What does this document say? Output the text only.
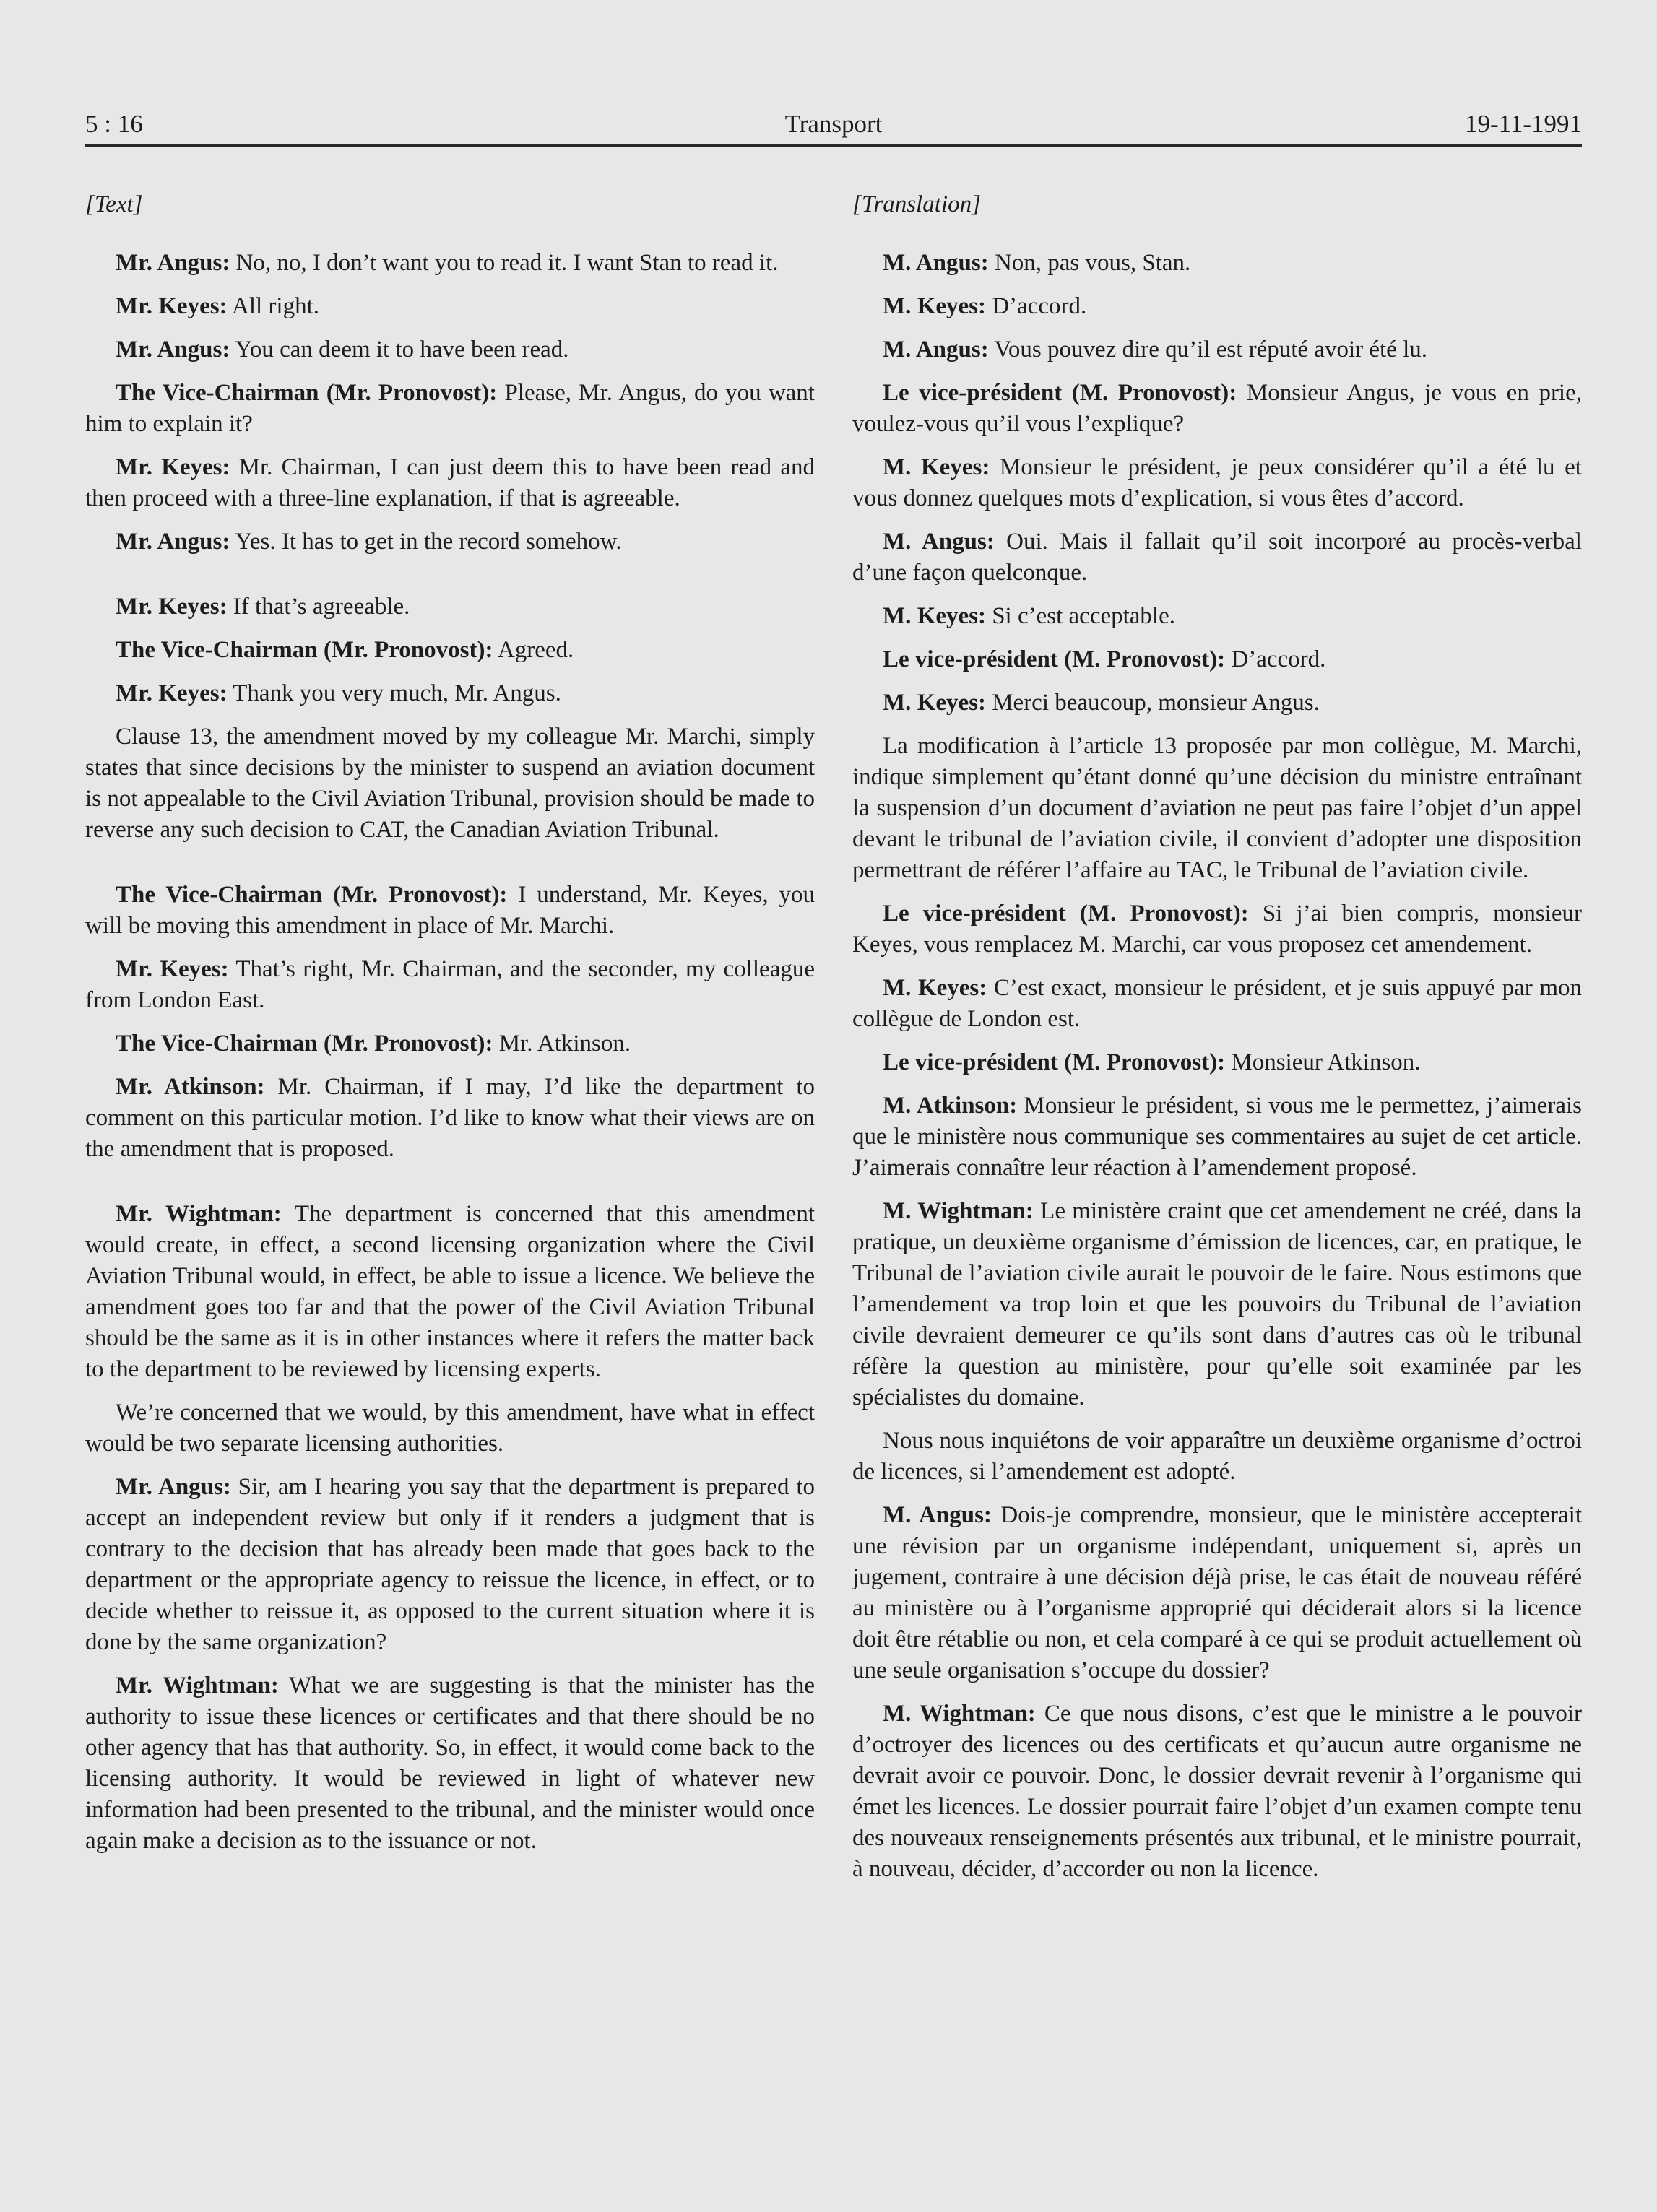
5 : 16	Transport	19-11-1991
[Text]

Mr. Angus: No, no, I don’t want you to read it. I want Stan to read it.

Mr. Keyes: All right.

Mr. Angus: You can deem it to have been read.

The Vice-Chairman (Mr. Pronovost): Please, Mr. Angus, do you want him to explain it?

Mr. Keyes: Mr. Chairman, I can just deem this to have been read and then proceed with a three-line explanation, if that is agreeable.

Mr. Angus: Yes. It has to get in the record somehow.

Mr. Keyes: If that’s agreeable.

The Vice-Chairman (Mr. Pronovost): Agreed.

Mr. Keyes: Thank you very much, Mr. Angus.

Clause 13, the amendment moved by my colleague Mr. Marchi, simply states that since decisions by the minister to suspend an aviation document is not appealable to the Civil Aviation Tribunal, provision should be made to reverse any such decision to CAT, the Canadian Aviation Tribunal.

The Vice-Chairman (Mr. Pronovost): I understand, Mr. Keyes, you will be moving this amendment in place of Mr. Marchi.

Mr. Keyes: That’s right, Mr. Chairman, and the seconder, my colleague from London East.

The Vice-Chairman (Mr. Pronovost): Mr. Atkinson.

Mr. Atkinson: Mr. Chairman, if I may, I’d like the department to comment on this particular motion. I’d like to know what their views are on the amendment that is proposed.

Mr. Wightman: The department is concerned that this amendment would create, in effect, a second licensing organization where the Civil Aviation Tribunal would, in effect, be able to issue a licence. We believe the amendment goes too far and that the power of the Civil Aviation Tribunal should be the same as it is in other instances where it refers the matter back to the department to be reviewed by licensing experts.

We’re concerned that we would, by this amendment, have what in effect would be two separate licensing authorities.

Mr. Angus: Sir, am I hearing you say that the department is prepared to accept an independent review but only if it renders a judgment that is contrary to the decision that has already been made that goes back to the department or the appropriate agency to reissue the licence, in effect, or to decide whether to reissue it, as opposed to the current situation where it is done by the same organization?

Mr. Wightman: What we are suggesting is that the minister has the authority to issue these licences or certificates and that there should be no other agency that has that authority. So, in effect, it would come back to the licensing authority. It would be reviewed in light of whatever new information had been presented to the tribunal, and the minister would once again make a decision as to the issuance or not.

[Translation]

M. Angus: Non, pas vous, Stan.

M. Keyes: D’accord.

M. Angus: Vous pouvez dire qu’il est réputé avoir été lu.

Le vice-président (M. Pronovost): Monsieur Angus, je vous en prie, voulez-vous qu’il vous l’explique?

M. Keyes: Monsieur le président, je peux considérer qu’il a été lu et vous donnez quelques mots d’explication, si vous êtes d’accord.

M. Angus: Oui. Mais il fallait qu’il soit incorporé au procès-verbal d’une façon quelconque.

M. Keyes: Si c’est acceptable.

Le vice-président (M. Pronovost): D’accord.

M. Keyes: Merci beaucoup, monsieur Angus.

La modification à l’article 13 proposée par mon collègue, M. Marchi, indique simplement qu’étant donné qu’une décision du ministre entraînant la suspension d’un document d’aviation ne peut pas faire l’objet d’un appel devant le tribunal de l’aviation civile, il convient d’adopter une disposition permettrant de référer l’affaire au TAC, le Tribunal de l’aviation civile.

Le vice-président (M. Pronovost): Si j’ai bien compris, monsieur Keyes, vous remplacez M. Marchi, car vous proposez cet amendement.

M. Keyes: C’est exact, monsieur le président, et je suis appuyé par mon collègue de London est.

Le vice-président (M. Pronovost): Monsieur Atkinson.

M. Atkinson: Monsieur le président, si vous me le permettez, j’aimerais que le ministère nous communique ses commentaires au sujet de cet article. J’aimerais connaître leur réaction à l’amendement proposé.

M. Wightman: Le ministère craint que cet amendement ne créé, dans la pratique, un deuxième organisme d’émission de licences, car, en pratique, le Tribunal de l’aviation civile aurait le pouvoir de le faire. Nous estimons que l’amendement va trop loin et que les pouvoirs du Tribunal de l’aviation civile devraient demeurer ce qu’ils sont dans d’autres cas où le tribunal réfère la question au ministère, pour qu’elle soit examinée par les spécialistes du domaine.

Nous nous inquiétons de voir apparaître un deuxième organisme d’octroi de licences, si l’amendement est adopté.

M. Angus: Dois-je comprendre, monsieur, que le ministère accepterait une révision par un organisme indépendant, uniquement si, après un jugement, contraire à une décision déjà prise, le cas était de nouveau référé au ministère ou à l’organisme approprié qui déciderait alors si la licence doit être rétablie ou non, et cela comparé à ce qui se produit actuellement où une seule organisation s’occupe du dossier?

M. Wightman: Ce que nous disons, c’est que le ministre a le pouvoir d’octroyer des licences ou des certificats et qu’aucun autre organisme ne devrait avoir ce pouvoir. Donc, le dossier devrait revenir à l’organisme qui émet les licences. Le dossier pourrait faire l’objet d’un examen compte tenu des nouveaux renseignements présentés aux tribunal, et le ministre pourrait, à nouveau, décider, d’accorder ou non la licence.
